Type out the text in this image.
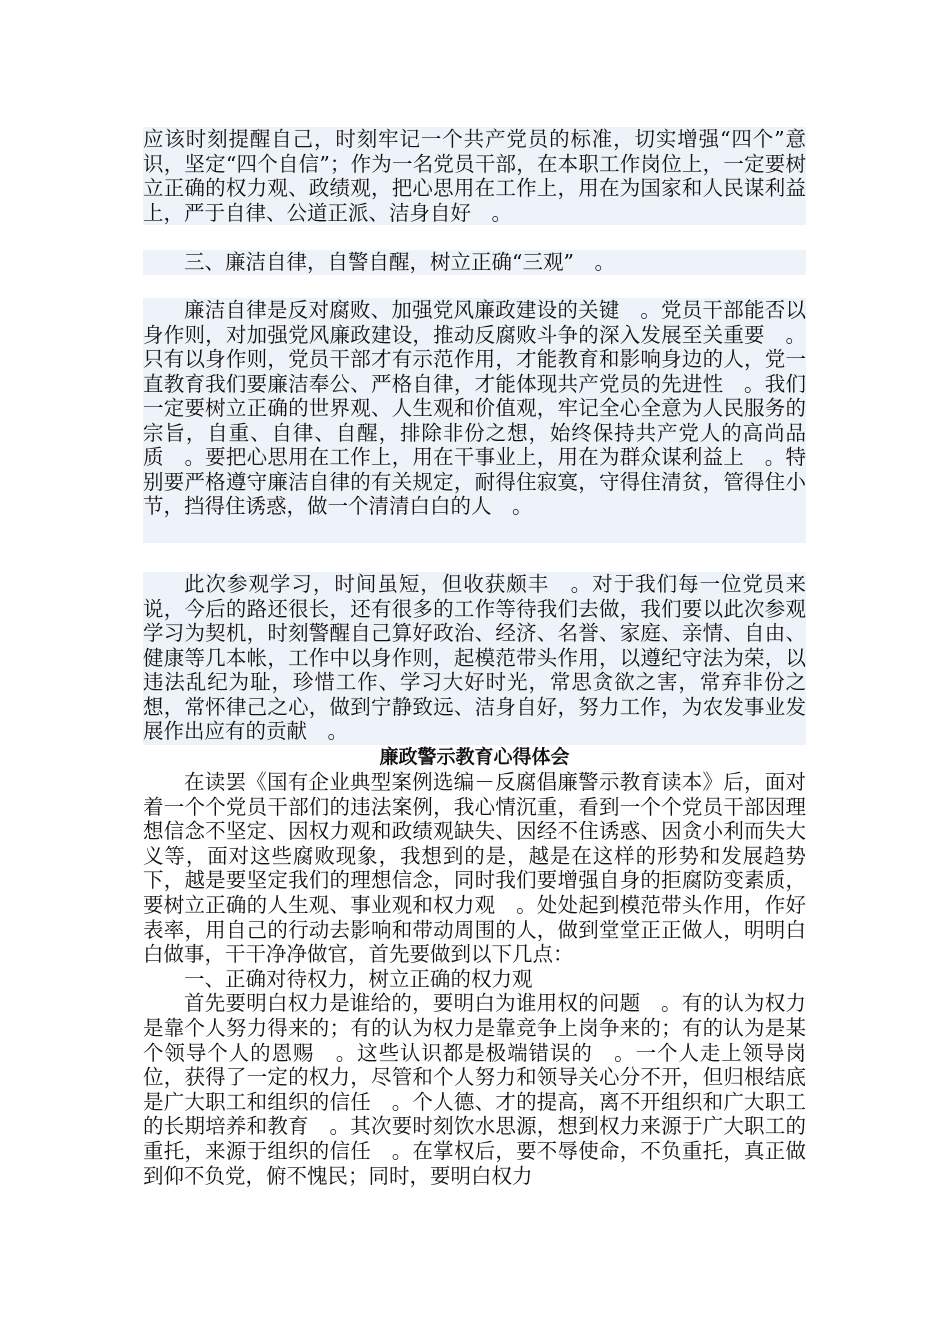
应该时刻提醒自己，时刻牢记一个共产党员的标准，切实增强“四个”意识，坚定“四个自信”；作为一名党员干部，在本职工作岗位上，一定要树立正确的权力观、政绩观，把心思用在工作上，用在为国家和人民谋利益上，严于自律、公道正派、洁身自好　。

三、廉洁自律，自警自醒，树立正确“三观”　。

廉洁自律是反对腐败、加强党风廉政建设的关键　。党员干部能否以身作则，对加强党风廉政建设，推动反腐败斗争的深入发展至关重要　。只有以身作则，党员干部才有示范作用，才能教育和影响身边的人，党一直教育我们要廉洁奉公、严格自律，才能体现共产党员的先进性　。我们一定要树立正确的世界观、人生观和价值观，牢记全心全意为人民服务的宗旨，自重、自律、自醒，排除非份之想，始终保持共产党人的高尚品质　。要把心思用在工作上，用在干事业上，用在为群众谋利益上　。特别要严格遵守廉洁自律的有关规定，耐得住寂寞，守得住清贫，管得住小节，挡得住诱惑，做一个清清白白的人　。

此次参观学习，时间虽短，但收获颇丰　。对于我们每一位党员来说，今后的路还很长，还有很多的工作等待我们去做，我们要以此次参观学习为契机，时刻警醒自己算好政治、经济、名誉、家庭、亲情、自由、健康等几本帐，工作中以身作则，起模范带头作用，以遵纪守法为荣，以违法乱纪为耻，珍惜工作、学习大好时光，常思贪欲之害，常弃非份之想，常怀律己之心，做到宁静致远、洁身自好，努力工作，为农发事业发展作出应有的贡献　。

廉政警示教育心得体会

在读罢《国有企业典型案例选编－反腐倡廉警示教育读本》后，面对着一个个党员干部们的违法案例，我心情沉重，看到一个个党员干部因理想信念不坚定、因权力观和政绩观缺失、因经不住诱惑、因贪小利而失大义等，面对这些腐败现象，我想到的是，越是在这样的形势和发展趋势下，越是要坚定我们的理想信念，同时我们要增强自身的拒腐防变素质，要树立正确的人生观、事业观和权力观　。处处起到模范带头作用，作好表率，用自己的行动去影响和带动周围的人，做到堂堂正正做人，明明白白做事，干干净净做官，首先要做到以下几点：

一、正确对待权力，树立正确的权力观

首先要明白权力是谁给的，要明白为谁用权的问题　。有的认为权力是靠个人努力得来的；有的认为权力是靠竞争上岗争来的；有的认为是某个领导个人的恩赐　。这些认识都是极端错误的　。一个人走上领导岗位，获得了一定的权力，尽管和个人努力和领导关心分不开，但归根结底是广大职工和组织的信任　。个人德、才的提高，离不开组织和广大职工的长期培养和教育　。其次要时刻饮水思源，想到权力来源于广大职工的重托，来源于组织的信任　。在掌权后，要不辱使命，不负重托，真正做到仰不负党，俯不愧民；同时，要明白权力
